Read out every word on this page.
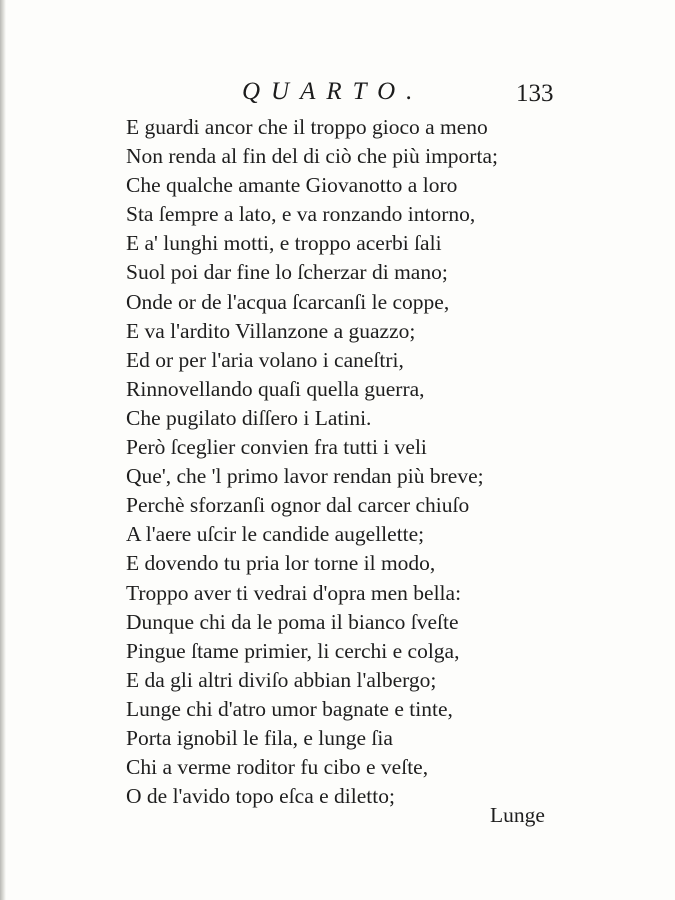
QUARTO.	133
E guardi ancor che il troppo gioco a meno
Non renda al fin del di ciò che più importa;
Che qualche amante Giovanotto a loro
Sta ſempre a lato, e va ronzando intorno,
E a' lunghi motti, e troppo acerbi ſali
Suol poi dar fine lo ſcherzar di mano;
Onde or de l'acqua ſcarcanſi le coppe,
E va l'ardito Villanzone a guazzo;
Ed or per l'aria volano i caneſtri,
Rinnovellando quaſi quella guerra,
Che pugilato diſſero i Latini.
Però ſceglier convien fra tutti i veli
Que', che 'l primo lavor rendan più breve;
Perchè sforzanſi ognor dal carcer chiuſo
A l'aere uſcir le candide augellette;
E dovendo tu pria lor torne il modo,
Troppo aver ti vedrai d'opra men bella:
Dunque chi da le poma il bianco ſveſte
Pingue ſtame primier, li cerchi e colga,
E da gli altri diviſo abbian l'albergo;
Lunge chi d'atro umor bagnate e tinte,
Porta ignobil le fila, e lunge ſia
Chi a verme roditor fu cibo e veſte,
O de l'avido topo eſca e diletto;
Lunge
